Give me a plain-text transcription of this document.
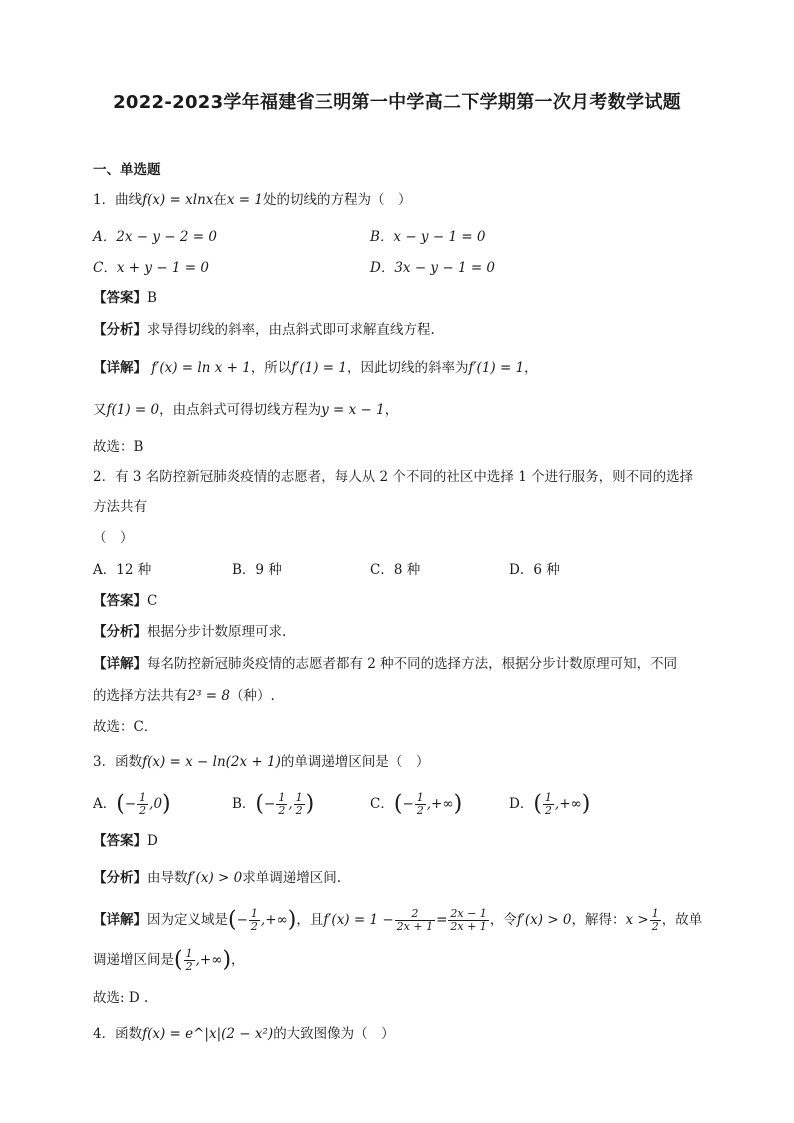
2022-2023学年福建省三明第一中学高二下学期第一次月考数学试题
一、单选题
1．曲线f(x) = xlnx在x = 1处的切线的方程为（　）
A．2x − y − 2 = 0	B．x − y − 1 = 0
C．x + y − 1 = 0	D．3x − y − 1 = 0
【答案】B
【分析】求导得切线的斜率，由点斜式即可求解直线方程.
【详解】 f′(x) = ln x + 1，所以f′(1) = 1，因此切线的斜率为f′(1) = 1，
又f(1) = 0，由点斜式可得切线方程为y = x − 1，
故选：B
2．有 3 名防控新冠肺炎疫情的志愿者，每人从 2 个不同的社区中选择 1 个进行服务，则不同的选择
方法共有
（　）
A．12 种	B．9 种	C．8 种	D．6 种
【答案】C
【分析】根据分步计数原理可求.
【详解】每名防控新冠肺炎疫情的志愿者都有 2 种不同的选择方法，根据分步计数原理可知，不同
的选择方法共有2³ = 8（种）.
故选：C．
3．函数f(x) = x − ln(2x + 1)的单调递增区间是（　）
A．(− $\frac{1}{2} ,0$)	B．(− $\frac{1}{2}$ , $\frac{1}{2}$ )	C．(− $\frac{1}{2}$ ,+∞)	D．( $\frac{1}{2}$ ,+∞)
【答案】D
【分析】由导数f′(x) > 0求单调递增区间.
【详解】因为定义域是(− $\frac{1}{2}$ ,+∞)，且$f'(x) = 1 - \frac{2}{2x + 1} = \frac{2x - 1}{2x + 1}$ ，令f′(x) > 0，解得：$x > \frac{1}{2}$ ，故单
调递增区间是( $\frac{1}{2}$ ,+∞)，
故选: D .
4．函数f(x) = e^|x|(2 − x²)的大致图像为（　）
